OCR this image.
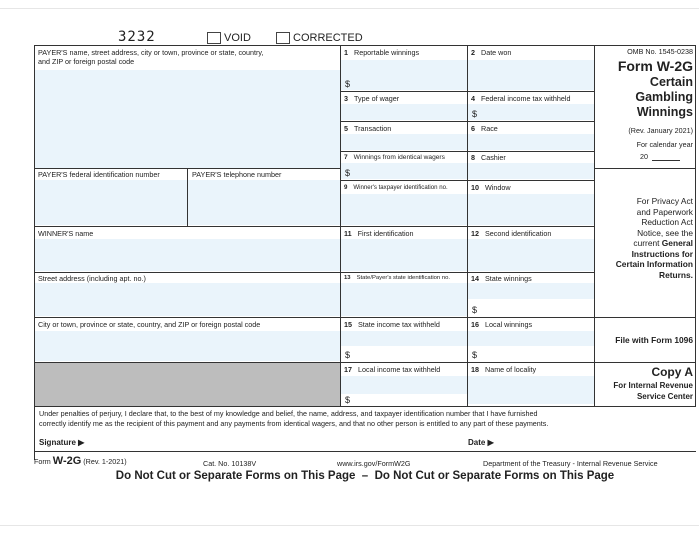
3232	VOID	CORRECTED
PAYER'S name, street address, city or town, province or state, country,
and ZIP or foreign postal code
PAYER'S federal identification number	PAYER'S telephone number
WINNER'S name
Street address (including apt. no.)
City or town, province or state, country, and ZIP or foreign postal code
1 Reportable winnings	2 Date won
3 Type of wager	4 Federal income tax withheld
5 Transaction	6 Race
7 Winnings from identical wagers	8 Cashier
9 Winner's taxpayer identification no.	10 Window
11 First identification	12 Second identification
13 State/Payer's state identification no.	14 State winnings
15 State income tax withheld	16 Local winnings
17 Local income tax withheld	18 Name of locality
$
$
$
$
$	$
$
OMB No. 1545-0238
Form W-2G
Certain
Gambling
Winnings
(Rev. January 2021)
For calendar year
20
For Privacy Act
and Paperwork
Reduction Act
Notice, see the
current General
Instructions for
Certain Information
Returns.
File with Form 1096
Copy A
For Internal Revenue
Service Center
Under penalties of perjury, I declare that, to the best of my knowledge and belief, the name, address, and taxpayer identification number that I have furnished
correctly identify me as the recipient of this payment and any payments from identical wagers, and that no other person is entitled to any part of these payments.
Signature ▶	Date ▶
Form W-2G (Rev. 1-2021)	Cat. No. 10138V	www.irs.gov/FormW2G	Department of the Treasury - Internal Revenue Service
Do Not Cut or Separate Forms on This Page  –  Do Not Cut or Separate Forms on This Page
